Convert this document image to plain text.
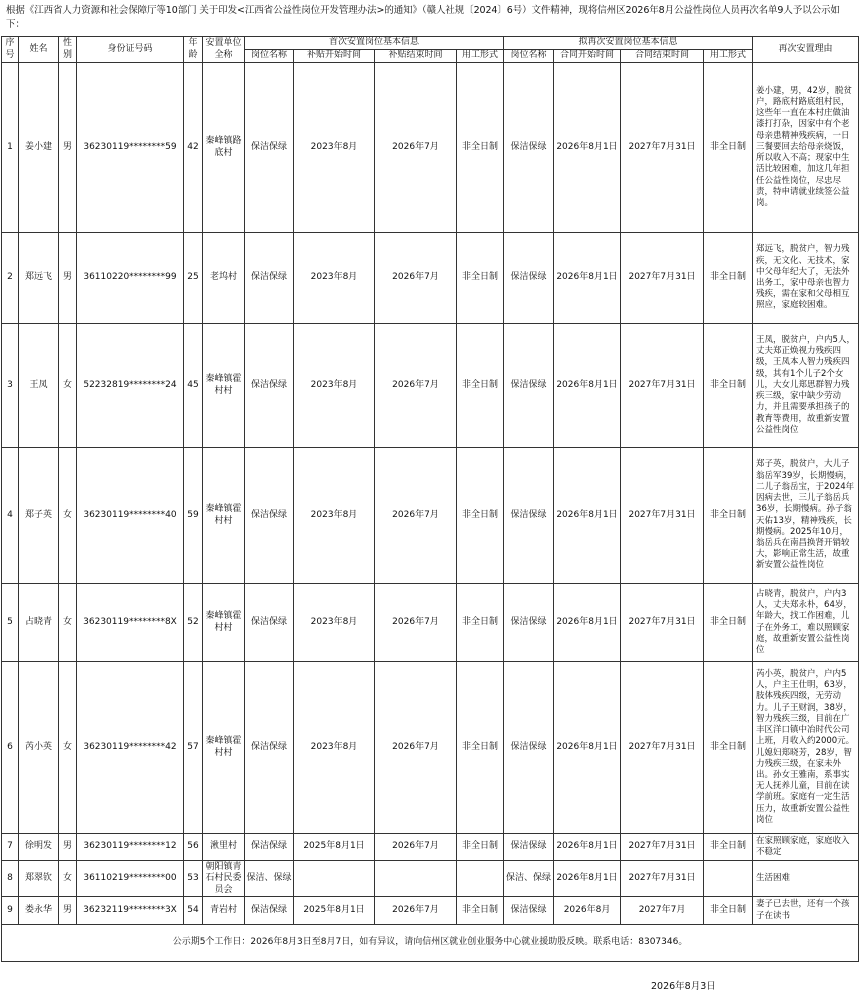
根据《江西省人力资源和社会保障厅等10部门 关于印发<江西省公益性岗位开发管理办法>的通知》（赣人社规〔2024〕6号）文件精神，现将信州区2026年8月公益性岗位人员再次名单9人予以公示如下：
序号	姓名	性别	身份证号码	年龄	安置单位全称	首次安置岗位基本信息				拟再次安置岗位基本信息				再次安置理由
						岗位名称	补贴开始时间	补贴结束时间	用工形式	岗位名称	合同开始时间	合同结束时间	用工形式	
1	姜小建	男	36230119********59	42	秦峰镇路底村	保洁保绿	2023年8月	2026年7月	非全日制	保洁保绿	2026年8月1日	2027年7月31日	非全日制	姜小建，男，42岁，脱贫户，路底村路底组村民，这些年一直在本村庄做油漆打打杂，因家中有个老母亲患精神残疾病，一日三餐要回去给母亲烧饭，所以收入不高；现家中生活比较困难，加这几年担任公益性岗位，尽忠尽责，特申请就业续签公益岗。
2	郑远飞	男	36110220********99	25	老坞村	保洁保绿	2023年8月	2026年7月	非全日制	保洁保绿	2026年8月1日	2027年7月31日	非全日制	郑远飞，脱贫户，智力残疾，无文化、无技术，家中父母年纪大了，无法外出务工，家中母亲也智力残疾，需在家和父母相互照应，家庭较困难。
3	王凤	女	52232819********24	45	秦峰镇霍村村	保洁保绿	2023年8月	2026年7月	非全日制	保洁保绿	2026年8月1日	2027年7月31日	非全日制	王凤，脱贫户，户内5人，丈夫郑正焕视力残疾四级，王凤本人智力残疾四级，其有1个儿子2个女儿，大女儿郑思群智力残疾三级，家中缺少劳动力，并且需要承担孩子的教育等费用，故重新安置公益性岗位
4	郑子英	女	36230119********40	59	秦峰镇霍村村	保洁保绿	2023年8月	2026年7月	非全日制	保洁保绿	2026年8月1日	2027年7月31日	非全日制	郑子英，脱贫户，大儿子翁岳军39岁，长期慢病，二儿子翁岳宝，于2024年因病去世，三儿子翁岳兵36岁，长期慢病。孙子翁天佑13岁，精神残疾，长期慢病。2025年10月，翁岳兵在南昌换肾开销较大，影响正常生活，故重新安置公益性岗位
5	占晓青	女	36230119********8X	52	秦峰镇霍村村	保洁保绿	2023年8月	2026年7月	非全日制	保洁保绿	2026年8月1日	2027年7月31日	非全日制	占晓青，脱贫户，户内3人，丈夫郑永朴，64岁，年龄大，找工作困难，儿子在外务工，难以照顾家庭，故重新安置公益性岗位
6	芮小英	女	36230119********42	57	秦峰镇霍村村	保洁保绿	2023年8月	2026年7月	非全日制	保洁保绿	2026年8月1日	2027年7月31日	非全日制	芮小英，脱贫户，户内5人，户主王仕明，63岁，肢体残疾四级，无劳动力。儿子王财润，38岁，智力残疾三级，目前在广丰区洋口镇中冶时代公司上班，月收入约2000元。儿媳妇郑晓芳，28岁，智力残疾三级，在家未外出。孙女王雅南，系事实无人抚养儿童，目前在读学前班。家庭有一定生活压力，故重新安置公益性岗位
7	徐明发	男	36230119********12	56	湫里村	保洁保绿	2025年8月1日	2026年7月	非全日制	保洁保绿	2026年8月1日	2027年7月31日	非全日制	在家照顾家庭，家庭收入不稳定
8	郑翠钦	女	36110219********00	53	朝阳镇青石村民委员会	保洁、保绿				保洁、保绿	2026年8月1日	2027年7月31日		生活困难
9	娄永华	男	36232119********3X	54	青岩村	保洁保绿	2025年8月1日	2026年7月	非全日制	保洁保绿	2026年8月	2027年7月	非全日制	妻子已去世，还有一个孩子在读书
公示期5个工作日：2026年8月3日至8月7日，如有异议，请向信州区就业创业服务中心就业援助股反映。联系电话：8307346。														
2026年8月3日
